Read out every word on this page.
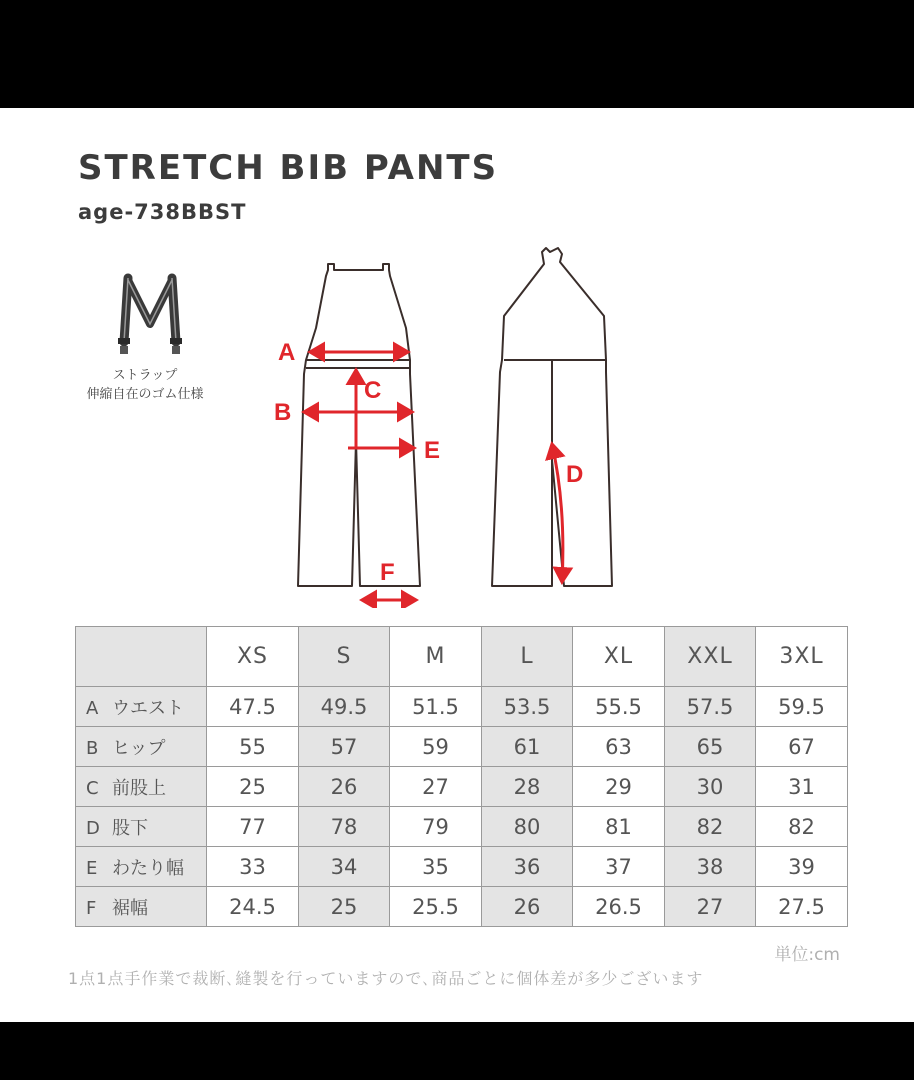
STRETCH BIB PANTS
age-738BBST
ストラップ
伸縮自在のゴム仕様
A
B
C
D
E
F
	XS	S	M	L	XL	XXL	3XL
A ウエスト	47.5	49.5	51.5	53.5	55.5	57.5	59.5
B ヒップ	55	57	59	61	63	65	67
C 前股上	25	26	27	28	29	30	31
D 股下	77	78	79	80	81	82	82
E わたり幅	33	34	35	36	37	38	39
F 裾幅	24.5	25	25.5	26	26.5	27	27.5
単位:cm
1点1点手作業で裁断､縫製を行っていますので､商品ごとに個体差が多少ございます
